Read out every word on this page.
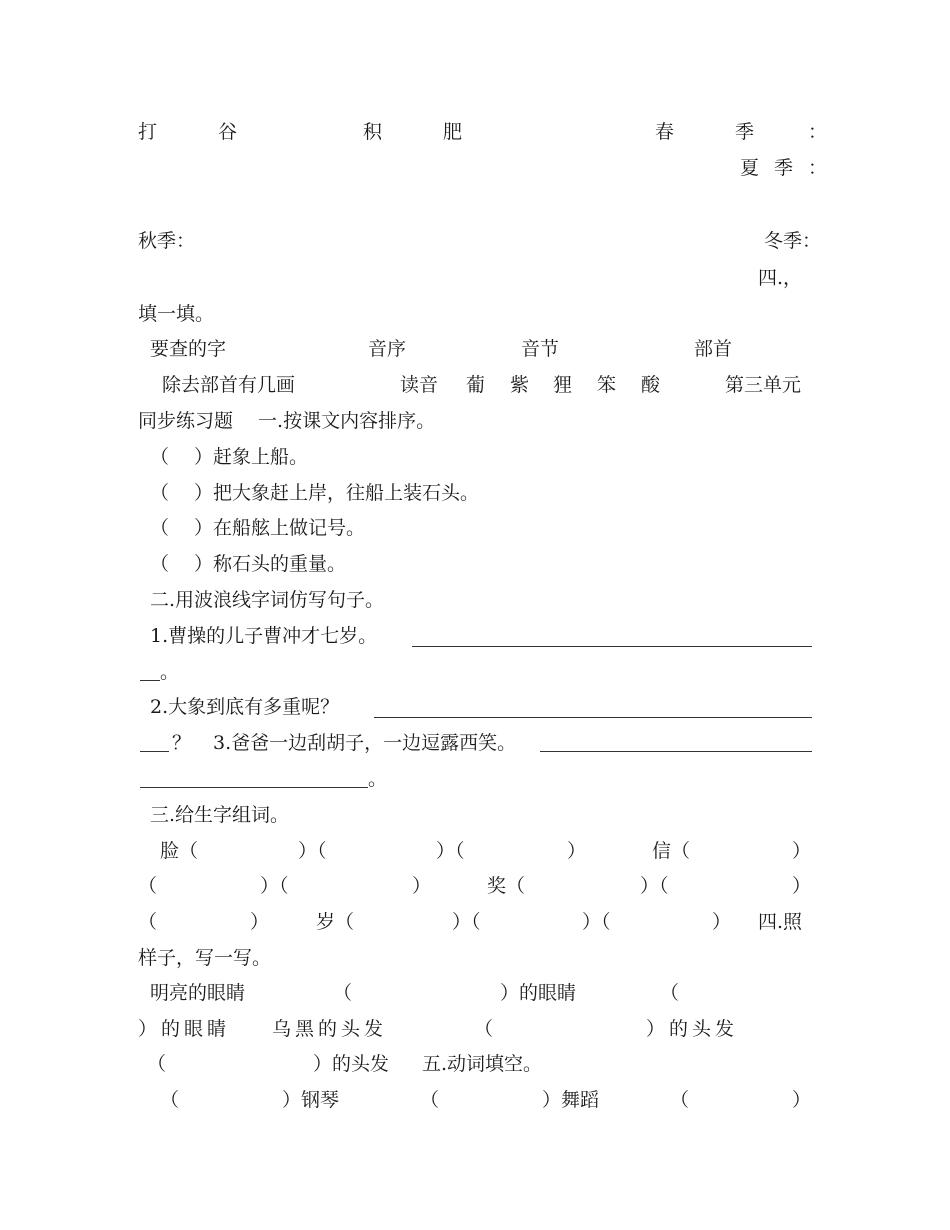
打	谷	积	肥	春	季	：
夏 季 ：
秋季：	冬季：
四.，
填一填。
要查的字	音序	音节	部首
除去部首有几画	读音 葡 紫 狸 笨 酸	第三单元
同步练习题　 一.按课文内容排序。
（　 ）赶象上船。
（　 ）把大象赶上岸，往船上装石头。
（　 ）在船舷上做记号。
（　 ）称石头的重量。
二.用波浪线字词仿写句子。
1.曹操的儿子曹冲才七岁。
。
2.大象到底有多重呢？
？ 3.爸爸一边刮胡子，一边逗露西笑。
。
三.给生字组词。
脸（	）（	）（	）	信（	）
（	）（	）	奖（	）（	）
（	） 岁（	）（	）（	） 四.照
样子，写一写。
明亮的眼睛	（	）的眼睛	（
）的眼睛 乌黑的头发	（	）的头发
（	）的头发 五.动词填空。
（	）钢琴	（	）舞蹈	（	）
